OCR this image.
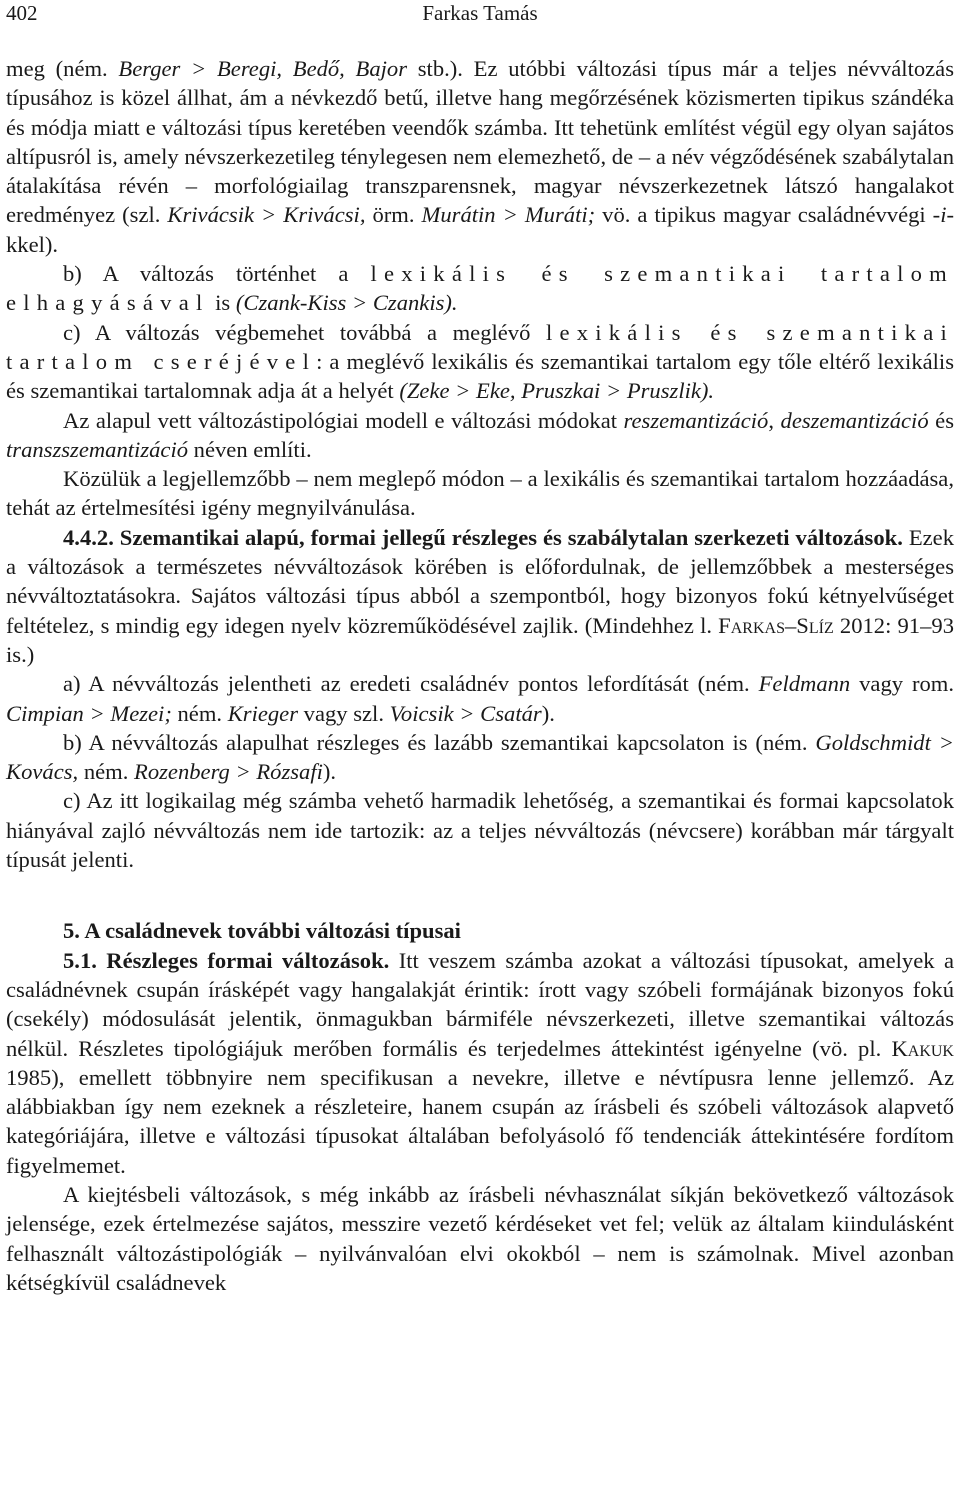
402	Farkas Tamás

meg (ném. Berger > Beregi, Bedő, Bajor stb.). Ez utóbbi változási típus már a teljes névváltozás típusához is közel állhat, ám a névkezdő betű, illetve hang megőrzésének közismerten tipikus szándéka és módja miatt e változási típus keretében veendők számba. Itt tehetünk említést végül egy olyan sajátos altípusról is, amely névszerkezetileg ténylegesen nem elemezhető, de – a név végződésének szabálytalan átalakítása révén – morfológiailag transzparensnek, magyar névszerkezetnek látszó hangalakot eredményez (szl. Krivácsik > Krivácsi, örm. Murátin > Muráti; vö. a tipikus magyar családnévvégi -i-kkel).

b) A változás történhet a lexikális és szemantikai tartalom elhagyásával is (Czank-Kiss > Czankis).

c) A változás végbemehet továbbá a meglévő lexikális és szemantikai tartalom cseréjével: a meglévő lexikális és szemantikai tartalom egy tőle eltérő lexikális és szemantikai tartalomnak adja át a helyét (Zeke > Eke, Pruszkai > Pruszlik).

Az alapul vett változástipológiai modell e változási módokat reszemantizáció, deszemantizáció és transzszemantizáció néven említi.

Közülük a legjellemzőbb – nem meglepő módon – a lexikális és szemantikai tartalom hozzáadása, tehát az értelmesítési igény megnyilvánulása.

4.4.2. Szemantikai alapú, formai jellegű részleges és szabálytalan szerkezeti változások. Ezek a változások a természetes névváltozások körében is előfordulnak, de jellemzőbbek a mesterséges névváltoztatásokra. Sajátos változási típus abból a szempontból, hogy bizonyos fokú kétnyelvűséget feltételez, s mindig egy idegen nyelv közreműködésével zajlik. (Mindehhez l. Farkas–Slíz 2012: 91–93 is.)

a) A névváltozás jelentheti az eredeti családnév pontos lefordítását (ném. Feldmann vagy rom. Cimpian > Mezei; ném. Krieger vagy szl. Voicsik > Csatár).

b) A névváltozás alapulhat részleges és lazább szemantikai kapcsolaton is (ném. Goldschmidt > Kovács, ném. Rozenberg > Rózsafi).

c) Az itt logikailag még számba vehető harmadik lehetőség, a szemantikai és formai kapcsolatok hiányával zajló névváltozás nem ide tartozik: az a teljes névváltozás (névcsere) korábban már tárgyalt típusát jelenti.

5. A családnevek további változási típusai

5.1. Részleges formai változások. Itt veszem számba azokat a változási típusokat, amelyek a családnévnek csupán írásképét vagy hangalakját érintik: írott vagy szóbeli formájának bizonyos fokú (csekély) módosulását jelentik, önmagukban bármiféle névszerkezeti, illetve szemantikai változás nélkül. Részletes tipológiájuk merőben formális és terjedelmes áttekintést igényelne (vö. pl. Kakuk 1985), emellett többnyire nem specifikusan a nevekre, illetve e névtípusra lenne jellemző. Az alábbiakban így nem ezeknek a részleteire, hanem csupán az írásbeli és szóbeli változások alapvető kategóriájára, illetve e változási típusokat általában befolyásoló fő tendenciák áttekintésére fordítom figyelmemet.

A kiejtésbeli változások, s még inkább az írásbeli névhasználat síkján bekövetkező változások jelensége, ezek értelmezése sajátos, messzire vezető kérdéseket vet fel; velük az általam kiindulásként felhasznált változástipológiák – nyilvánvalóan elvi okokból – nem is számolnak. Mivel azonban kétségkívül családnevek
